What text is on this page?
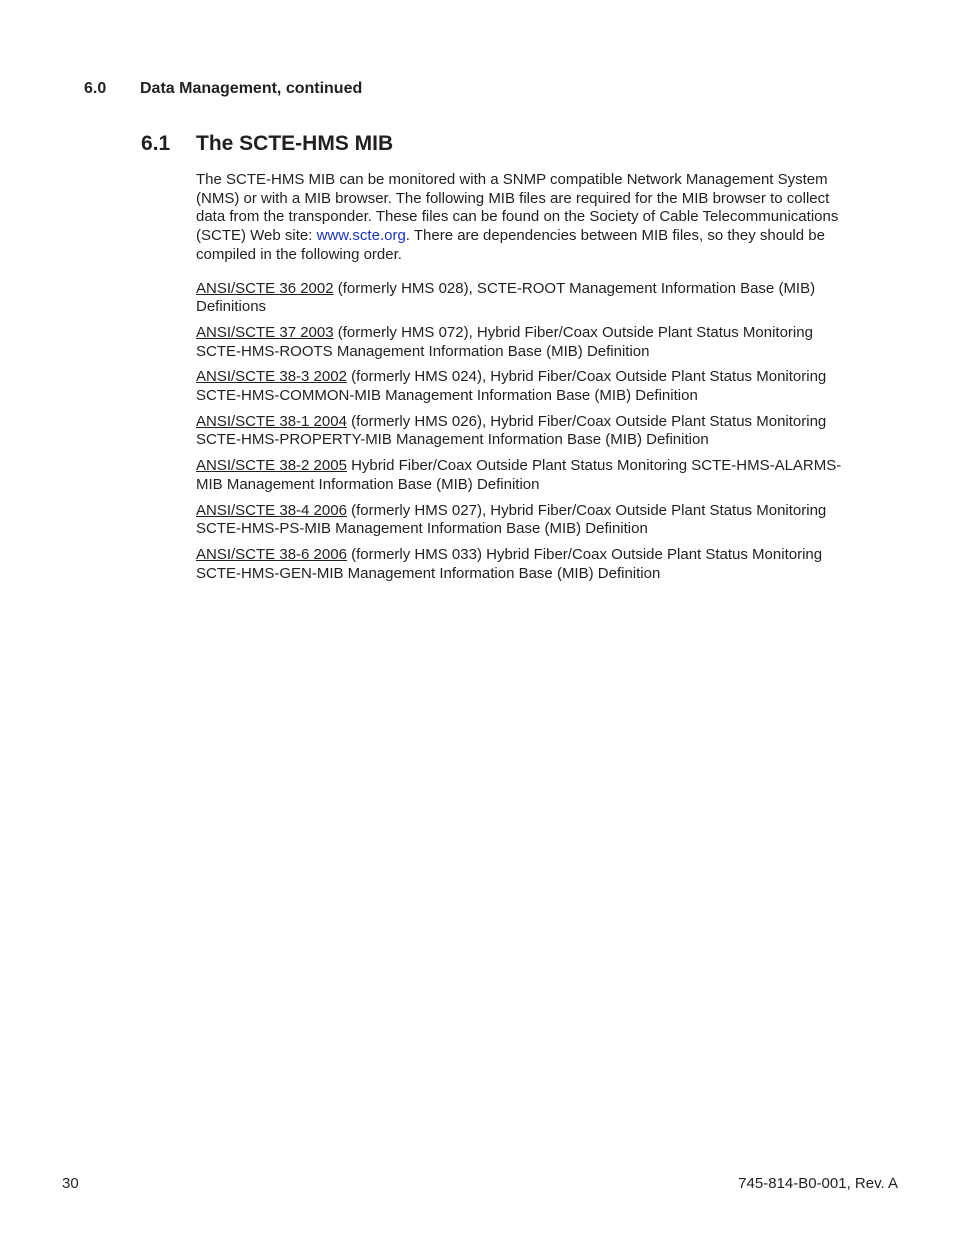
6.0 Data Management, continued
6.1 The SCTE-HMS MIB

The SCTE-HMS MIB can be monitored with a SNMP compatible Network Management System (NMS) or with a MIB browser. The following MIB files are required for the MIB browser to collect data from the transponder. These files can be found on the Society of Cable Telecommunications (SCTE) Web site: www.scte.org. There are dependencies between MIB files, so they should be compiled in the following order.

ANSI/SCTE 36 2002 (formerly HMS 028), SCTE-ROOT Management Information Base (MIB) Definitions
ANSI/SCTE 37 2003 (formerly HMS 072), Hybrid Fiber/Coax Outside Plant Status Monitoring SCTE-HMS-ROOTS Management Information Base (MIB) Definition
ANSI/SCTE 38-3 2002 (formerly HMS 024), Hybrid Fiber/Coax Outside Plant Status Monitoring SCTE-HMS-COMMON-MIB Management Information Base (MIB) Definition
ANSI/SCTE 38-1 2004 (formerly HMS 026), Hybrid Fiber/Coax Outside Plant Status Monitoring SCTE-HMS-PROPERTY-MIB Management Information Base (MIB) Definition
ANSI/SCTE 38-2 2005 Hybrid Fiber/Coax Outside Plant Status Monitoring SCTE-HMS-ALARMS-MIB Management Information Base (MIB) Definition
ANSI/SCTE 38-4 2006 (formerly HMS 027), Hybrid Fiber/Coax Outside Plant Status Monitoring SCTE-HMS-PS-MIB Management Information Base (MIB) Definition
ANSI/SCTE 38-6 2006 (formerly HMS 033) Hybrid Fiber/Coax Outside Plant Status Monitoring SCTE-HMS-GEN-MIB Management Information Base (MIB) Definition
30	745-814-B0-001, Rev. A
